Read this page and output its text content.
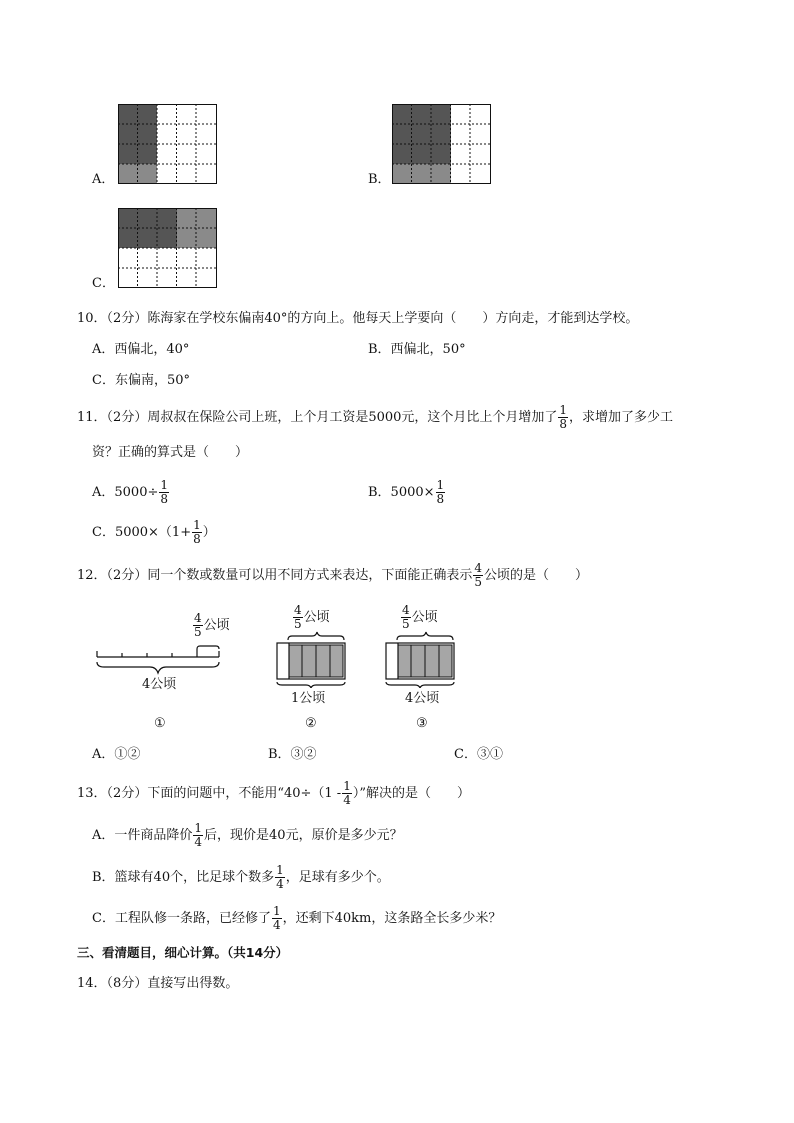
A．	B．
C．
10．（2分）陈海家在学校东偏南40°的方向上。他每天上学要向（　　）方向走，才能到达学校。
A．西偏北，40°	B．西偏北，50°
C．东偏南，50°
11．（2分）周叔叔在保险公司上班，上个月工资是5000元，这个月比上个月增加了 $\frac{1}{8}$ ，求增加了多少工
资？正确的算式是（　　）
A．$5000\div \frac{1}{8}$	B．$5000\times \frac{1}{8}$
C．$5000\times(1+ \frac{1}{8}$ ）
12．（2分）同一个数或数量可以用不同方式来表达，下面能正确表示 $\frac{4}{5}$ 公顷的是（　　）
$\frac{4}{5}$ 公顷
4公顷
①
$\frac{4}{5}$ 公顷
1公顷
②
$\frac{4}{5}$ 公顷
4公顷
③
A．①②	B．③②	C．③①
13．（2分）下面的问题中，不能用“$40\div(1 - \frac{1}{4}$ ）”解决的是（　　）
A．一件商品降价 $\frac{1}{4}$ 后，现价是40元，原价是多少元？
B．篮球有40个，比足球个数多 $\frac{1}{4}$ ，足球有多少个。
C．工程队修一条路，已经修了 $\frac{1}{4}$ ，还剩下40km，这条路全长多少米？
三、看清题目，细心计算。（共14分）
14．（8分）直接写出得数。
